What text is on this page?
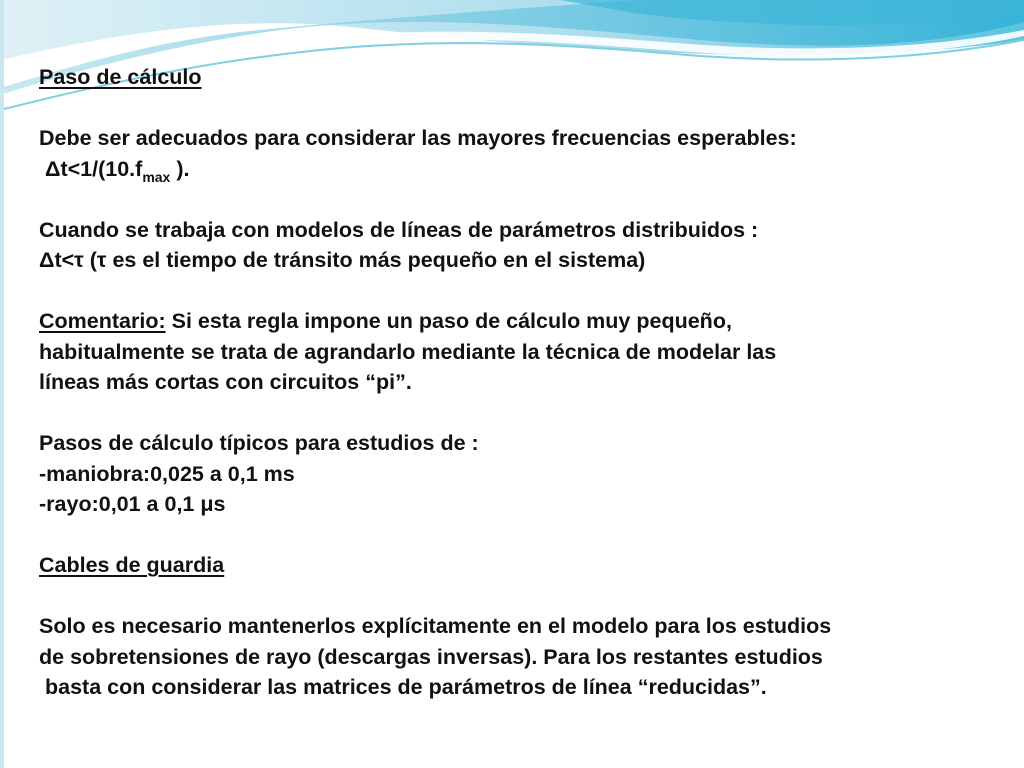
Paso de cálculo
Debe ser adecuados para considerar las mayores frecuencias esperables:
$\Delta t<1/(10.f_{max}$ ).
Cuando se trabaja con modelos de líneas de parámetros distribuidos :
Δt<τ (τ es el tiempo de tránsito más pequeño en el sistema)
Comentario: Si esta regla impone un paso de cálculo muy pequeño,
habitualmente se trata de agrandarlo mediante la técnica de modelar las
líneas más cortas con circuitos “pi”.
Pasos de cálculo típicos para estudios de :
-maniobra:0,025 a 0,1 ms
-rayo:0,01 a 0,1 μs
Cables de guardia
Solo es necesario mantenerlos explícitamente en el modelo para los estudios
de sobretensiones de rayo (descargas inversas). Para los restantes estudios
basta con considerar las matrices de parámetros de línea “reducidas”.
